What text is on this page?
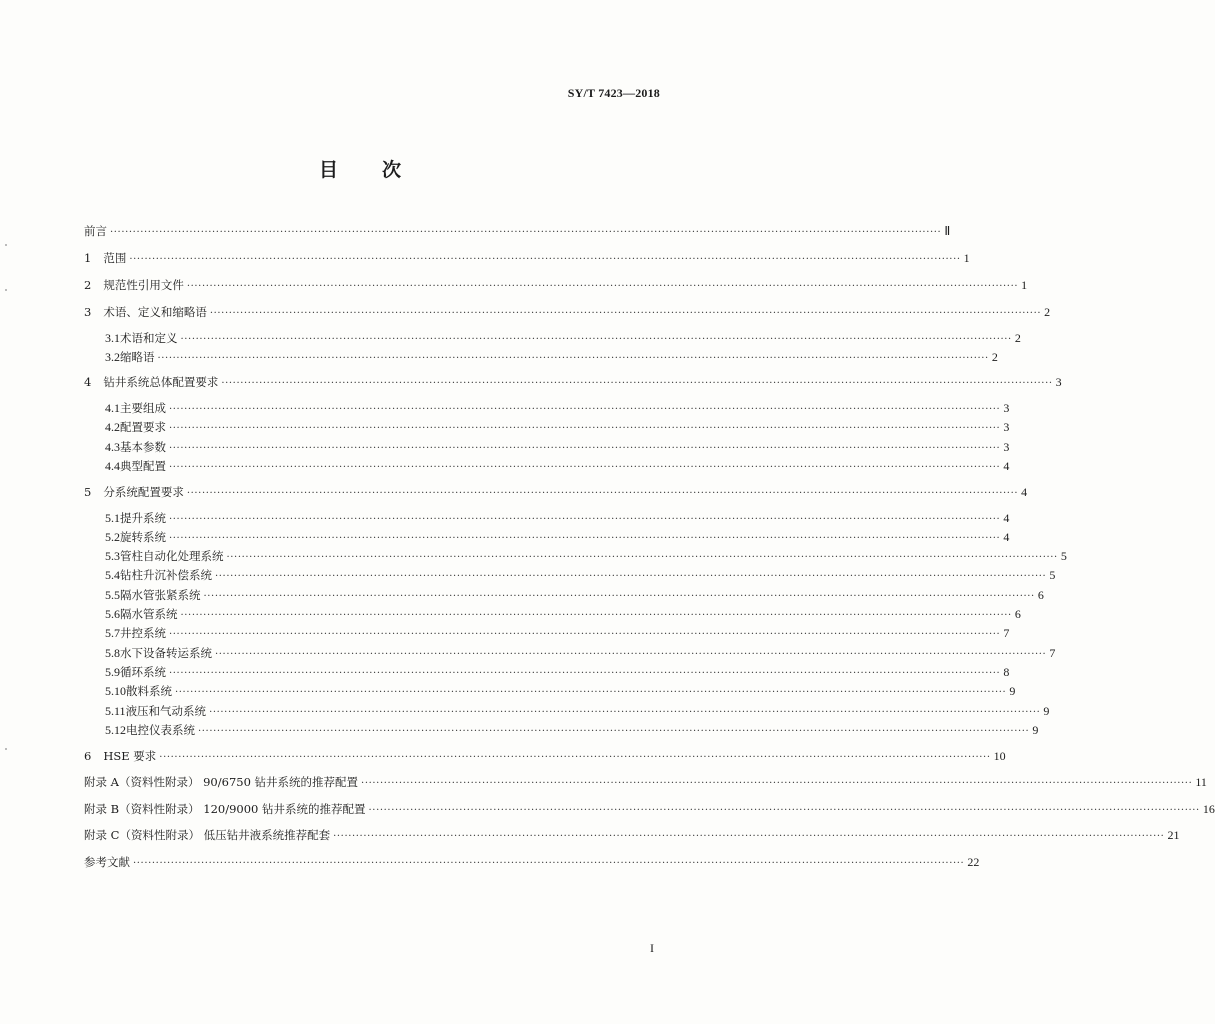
SY/T 7423—2018
目 次
前言 ···························································································································································································································· Ⅱ
1 范围 ···························································································································································································································· 1
2 规范性引用文件 ···························································································································································································································· 1
3 术语、定义和缩略语 ···························································································································································································································· 2
3.1 术语和定义 ···························································································································································································································· 2
3.2 缩略语 ···························································································································································································································· 2
4 钻井系统总体配置要求 ···························································································································································································································· 3
4.1 主要组成 ···························································································································································································································· 3
4.2 配置要求 ···························································································································································································································· 3
4.3 基本参数 ···························································································································································································································· 3
4.4 典型配置 ···························································································································································································································· 4
5 分系统配置要求 ···························································································································································································································· 4
5.1 提升系统 ···························································································································································································································· 4
5.2 旋转系统 ···························································································································································································································· 4
5.3 管柱自动化处理系统 ···························································································································································································································· 5
5.4 钻柱升沉补偿系统 ···························································································································································································································· 5
5.5 隔水管张紧系统 ···························································································································································································································· 6
5.6 隔水管系统 ···························································································································································································································· 6
5.7 井控系统 ···························································································································································································································· 7
5.8 水下设备转运系统 ···························································································································································································································· 7
5.9 循环系统 ···························································································································································································································· 8
5.10 散料系统 ···························································································································································································································· 9
5.11 液压和气动系统 ···························································································································································································································· 9
5.12 电控仪表系统 ···························································································································································································································· 9
6 HSE 要求 ···························································································································································································································· 10
附录 A（资料性附录） 90/6750 钻井系统的推荐配置 ···························································································································································································································· 11
附录 B（资料性附录） 120/9000 钻井系统的推荐配置 ···························································································································································································································· 16
附录 C（资料性附录） 低压钻井液系统推荐配套 ···························································································································································································································· 21
参考文献 ···························································································································································································································· 22
I
